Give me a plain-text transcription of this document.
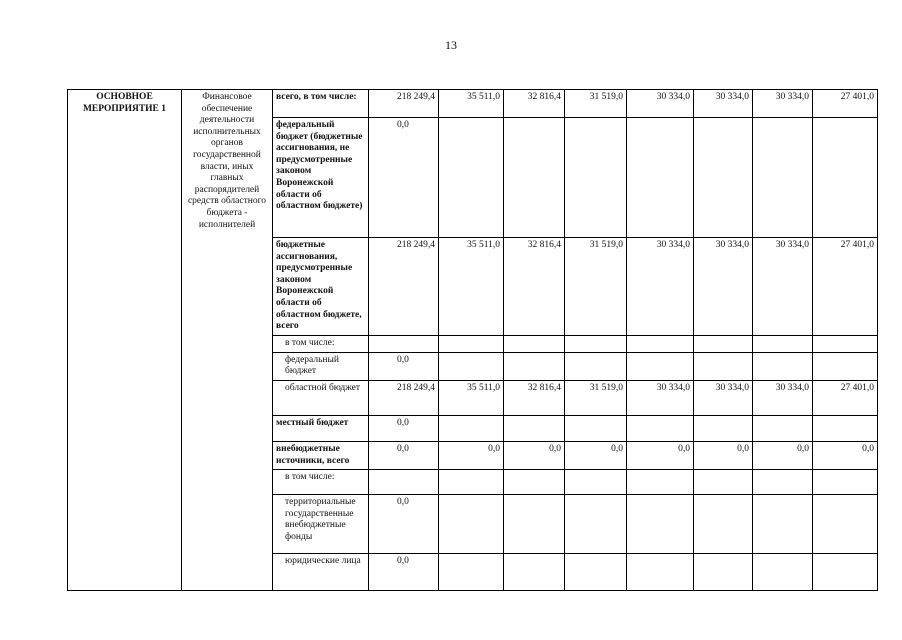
13
ОСНОВНОЕ МЕРОПРИЯТИЕ 1	Финансовое обеспечение деятельности исполнительных органов государственной власти, иных главных распорядителей средств областного бюджета - исполнителей	всего, в том числе:	218 249,4	35 511,0	32 816,4	31 519,0	30 334,0	30 334,0	30 334,0	27 401,0
		федеральный бюджет (бюджетные ассигнования, не предусмотренные законом Воронежской области об областном бюджете)	0,0							
		бюджетные ассигнования, предусмотренные законом Воронежской области об областном бюджете, всего	218 249,4	35 511,0	32 816,4	31 519,0	30 334,0	30 334,0	30 334,0	27 401,0
		в том числе:								
		федеральный бюджет	0,0							
		областной бюджет	218 249,4	35 511,0	32 816,4	31 519,0	30 334,0	30 334,0	30 334,0	27 401,0
		местный бюджет	0,0							
		внебюджетные источники, всего	0,0	0,0	0,0	0,0	0,0	0,0	0,0	0,0
		в том числе:								
		территориальные государственные внебюджетные фонды	0,0							
		юридические лица	0,0							
